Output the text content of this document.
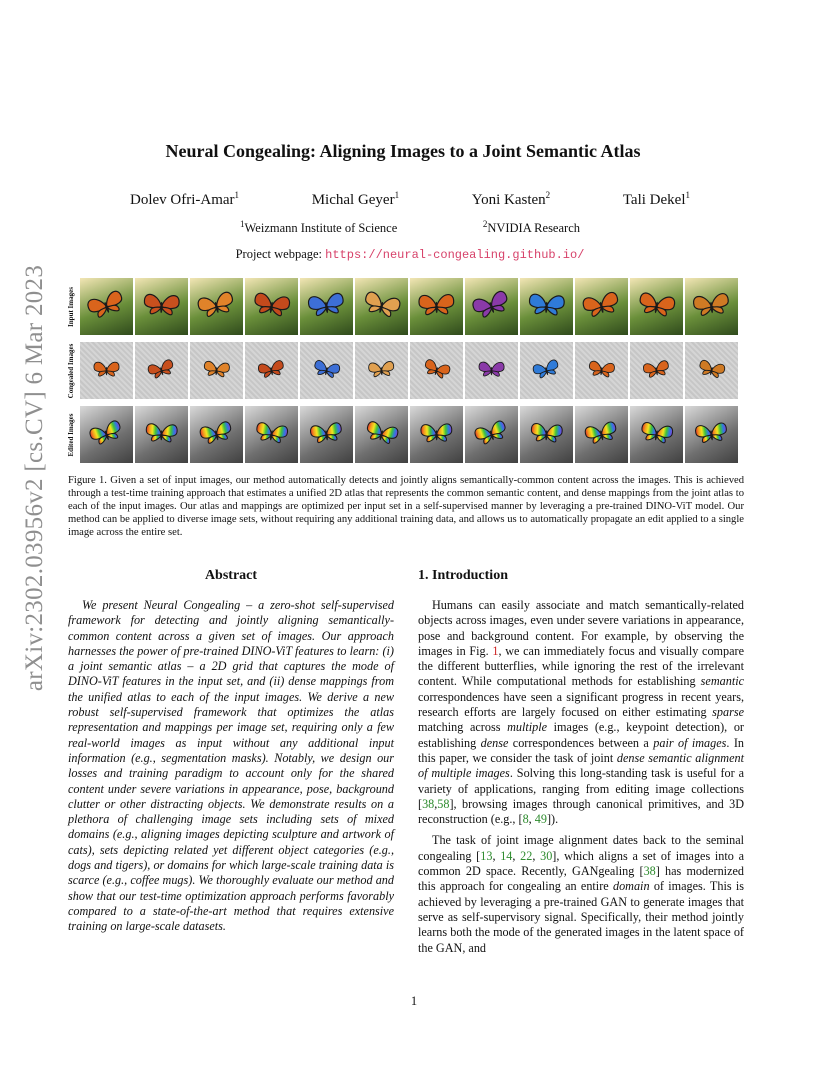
arXiv:2302.03956v2 [cs.CV] 6 Mar 2023
Neural Congealing: Aligning Images to a Joint Semantic Atlas
Dolev Ofri-Amar$^1$	Michal Geyer$^1$	Yoni Kasten$^2$	Tali Dekel$^1$
$^1$Weizmann Institute of Science	$^2$NVIDIA Research
Project webpage: https://neural-congealing.github.io/
Input Images
Congealed Images
Edited Images
Figure 1. Given a set of input images, our method automatically detects and jointly aligns semantically-common content across the images. This is achieved through a test-time training approach that estimates a unified 2D atlas that represents the common semantic content, and dense mappings from the joint atlas to each of the input images. Our atlas and mappings are optimized per input set in a self-supervised manner by leveraging a pre-trained DINO-ViT model. Our method can be applied to diverse image sets, without requiring any additional training data, and allows us to automatically propagate an edit applied to a single image across the entire set.
Abstract

We present Neural Congealing – a zero-shot self-supervised framework for detecting and jointly aligning semantically-common content across a given set of images. Our approach harnesses the power of pre-trained DINO-ViT features to learn: (i) a joint semantic atlas – a 2D grid that captures the mode of DINO-ViT features in the input set, and (ii) dense mappings from the unified atlas to each of the input images. We derive a new robust self-supervised framework that optimizes the atlas representation and mappings per image set, requiring only a few real-world images as input without any additional input information (e.g., segmentation masks). Notably, we design our losses and training paradigm to account only for the shared content under severe variations in appearance, pose, background clutter or other distracting objects. We demonstrate results on a plethora of challenging image sets including sets of mixed domains (e.g., aligning images depicting sculpture and artwork of cats), sets depicting related yet different object categories (e.g., dogs and tigers), or domains for which large-scale training data is scarce (e.g., coffee mugs). We thoroughly evaluate our method and show that our test-time optimization approach performs favorably compared to a state-of-the-art method that requires extensive training on large-scale datasets.

1. Introduction

Humans can easily associate and match semantically-related objects across images, even under severe variations in appearance, pose and background content. For example, by observing the images in Fig. 1, we can immediately focus and visually compare the different butterflies, while ignoring the rest of the irrelevant content. While computational methods for establishing semantic correspondences have seen a significant progress in recent years, research efforts are largely focused on either estimating sparse matching across multiple images (e.g., keypoint detection), or establishing dense correspondences between a pair of images. In this paper, we consider the task of joint dense semantic alignment of multiple images. Solving this long-standing task is useful for a variety of applications, ranging from editing image collections [38,58], browsing images through canonical primitives, and 3D reconstruction (e.g., [8, 49]).

The task of joint image alignment dates back to the seminal congealing [13, 14, 22, 30], which aligns a set of images into a common 2D space. Recently, GANgealing [38] has modernized this approach for congealing an entire domain of images. This is achieved by leveraging a pre-trained GAN to generate images that serve as self-supervisory signal. Specifically, their method jointly learns both the mode of the generated images in the latent space of the GAN, and

1
